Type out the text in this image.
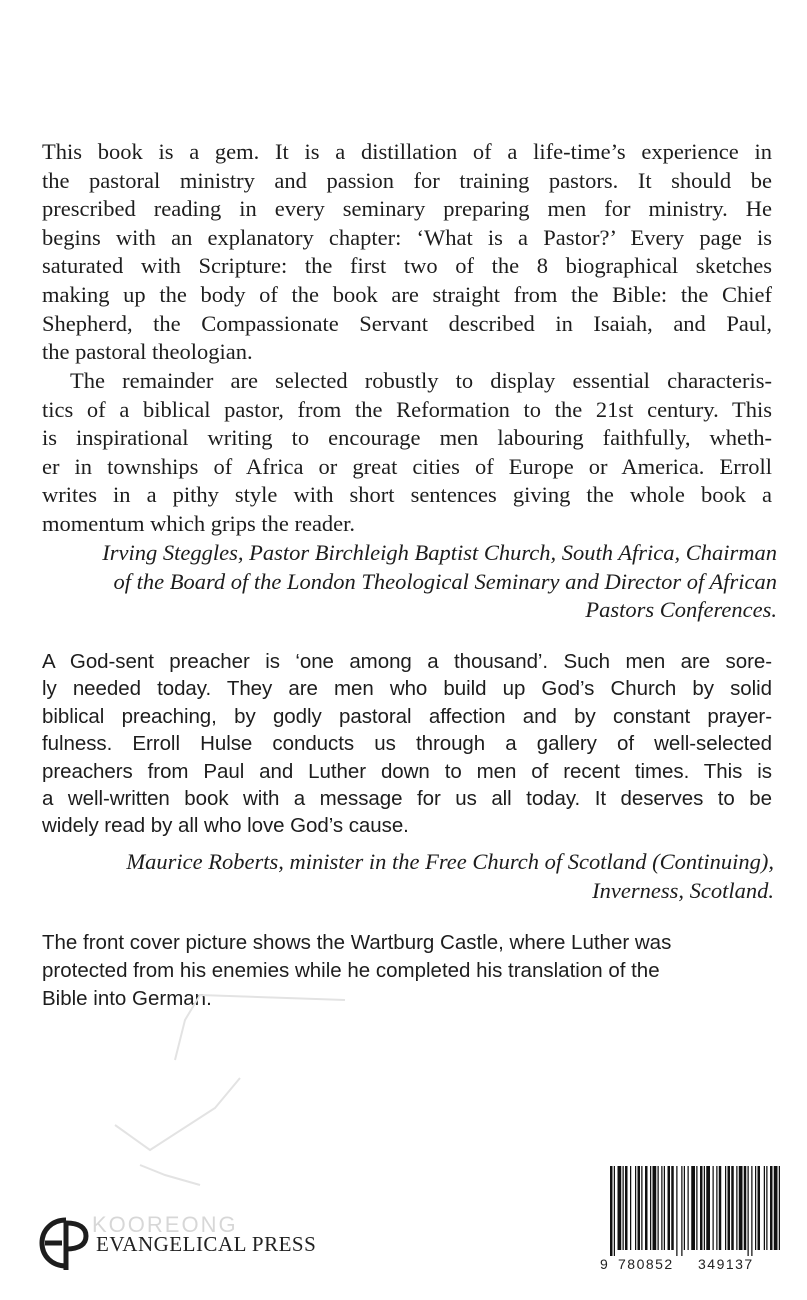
This book is a gem. It is a distillation of a life-time’s experience in
the pastoral ministry and passion for training pastors. It should be
prescribed reading in every seminary preparing men for ministry. He
begins with an explanatory chapter: ‘What is a Pastor?’ Every page is
saturated with Scripture: the first two of the 8 biographical sketches
making up the body of the book are straight from the Bible: the Chief
Shepherd, the Compassionate Servant described in Isaiah, and Paul,
the pastoral theologian.
The remainder are selected robustly to display essential characteris-
tics of a biblical pastor, from the Reformation to the 21st century. This
is inspirational writing to encourage men labouring faithfully, wheth-
er in townships of Africa or great cities of Europe or America. Erroll
writes in a pithy style with short sentences giving the whole book a
momentum which grips the reader.
Irving Steggles, Pastor Birchleigh Baptist Church, South Africa, Chairman
of the Board of the London Theological Seminary and Director of African
Pastors Conferences.
A God-sent preacher is ‘one among a thousand’. Such men are sore-
ly needed today. They are men who build up God’s Church by solid
biblical preaching, by godly pastoral affection and by constant prayer-
fulness. Erroll Hulse conducts us through a gallery of well-selected
preachers from Paul and Luther down to men of recent times. This is
a well-written book with a message for us all today. It deserves to be
widely read by all who love God’s cause.
Maurice Roberts, minister in the Free Church of Scotland (Continuing),
Inverness, Scotland.
The front cover picture shows the Wartburg Castle, where Luther was
protected from his enemies while he completed his translation of the
Bible into German.
EVANGELICAL PRESS
KOOREONG
9 780852 349137
